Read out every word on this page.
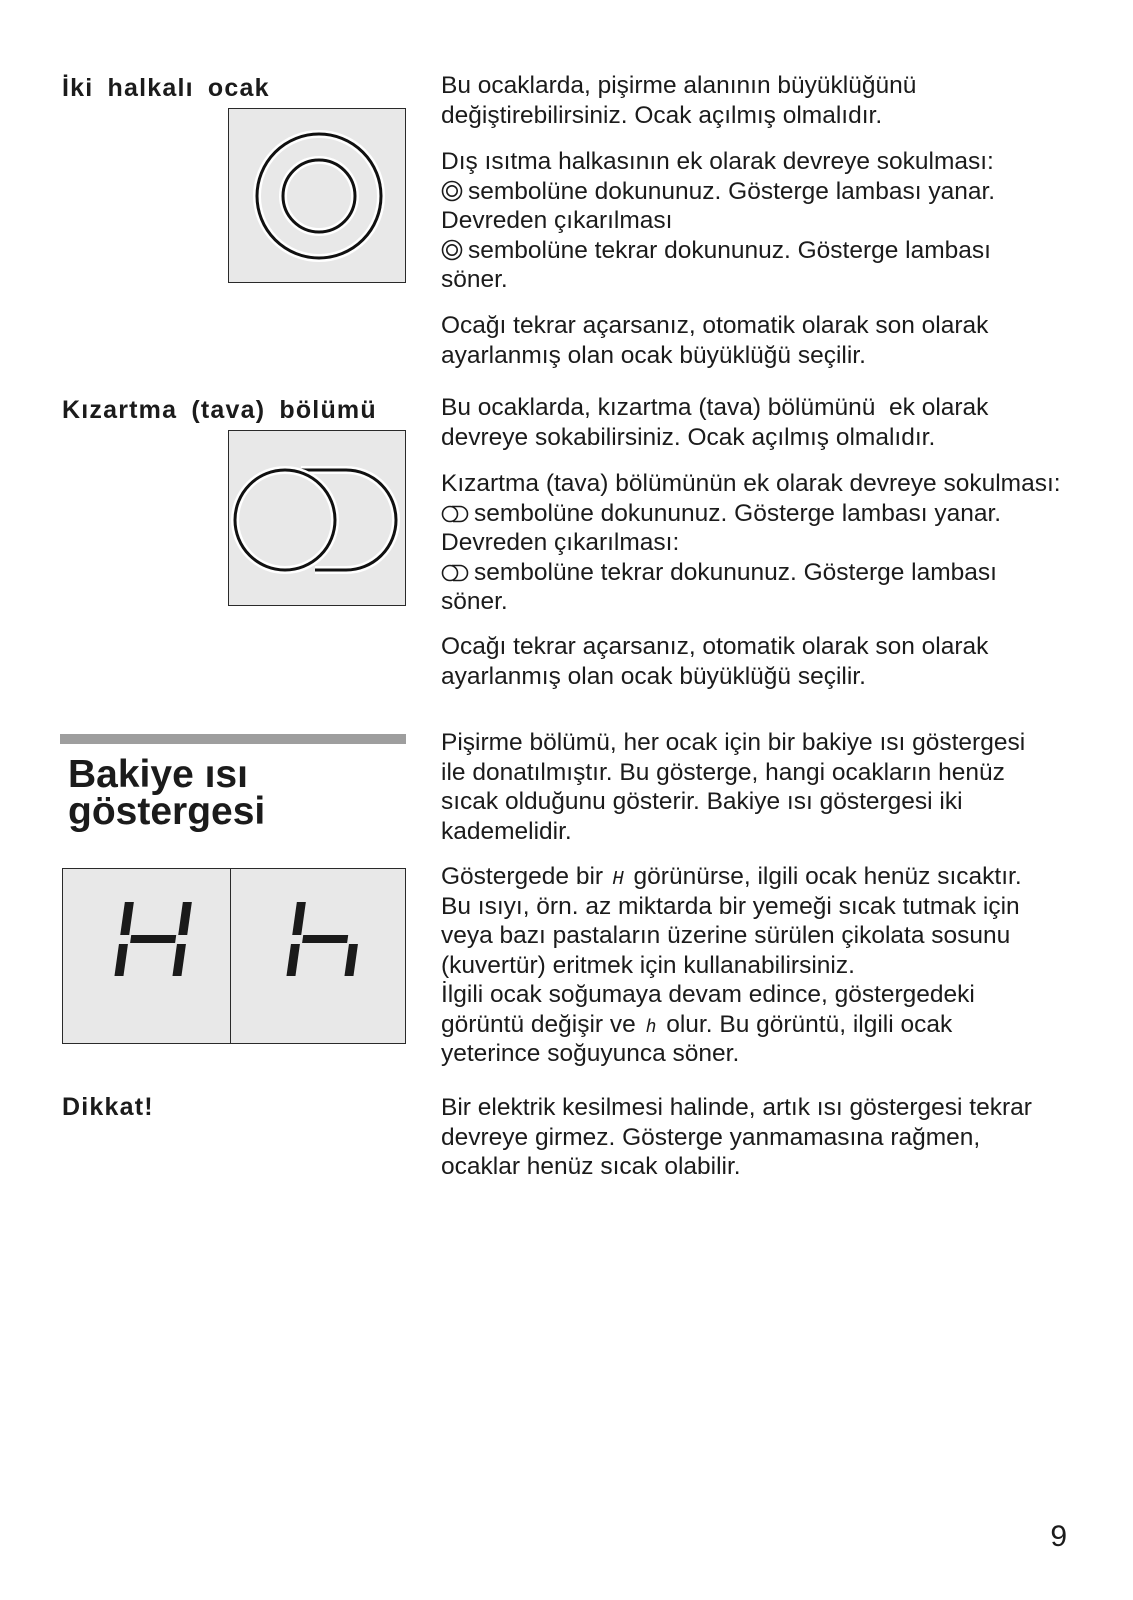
İki halkalı ocak	Bu ocaklarda, pişirme alanının büyüklüğünü
değiştirebilirsiniz. Ocak açılmış olmalıdır.
Dış ısıtma halkasının ek olarak devreye sokulması:
sembolüne dokununuz. Gösterge lambası yanar.
Devreden çıkarılması
sembolüne tekrar dokununuz. Gösterge lambası
söner.
Ocağı tekrar açarsanız, otomatik olarak son olarak
ayarlanmış olan ocak büyüklüğü seçilir.
Kızartma (tava) bölümü	Bu ocaklarda, kızartma (tava) bölümünü  ek olarak
devreye sokabilirsiniz. Ocak açılmış olmalıdır.
Kızartma (tava) bölümünün ek olarak devreye sokulması:
sembolüne dokununuz. Gösterge lambası yanar.
Devreden çıkarılması:
sembolüne tekrar dokununuz. Gösterge lambası
söner.
Ocağı tekrar açarsanız, otomatik olarak son olarak
ayarlanmış olan ocak büyüklüğü seçilir.
Bakiye ısı
göstergesi
Pişirme bölümü, her ocak için bir bakiye ısı göstergesi
ile donatılmıştır. Bu gösterge, hangi ocakların henüz
sıcak olduğunu gösterir. Bakiye ısı göstergesi iki
kademelidir.
Göstergede bir H görünürse, ilgili ocak henüz sıcaktır.
Bu ısıyı, örn. az miktarda bir yemeği sıcak tutmak için
veya bazı pastaların üzerine sürülen çikolata sosunu
(kuvertür) eritmek için kullanabilirsiniz.
İlgili ocak soğumaya devam edince, göstergedeki
görüntü değişir ve h olur. Bu görüntü, ilgili ocak
yeterince soğuyunca söner.
Dikkat!	Bir elektrik kesilmesi halinde, artık ısı göstergesi tekrar
devreye girmez. Gösterge yanmamasına rağmen,
ocaklar henüz sıcak olabilir.
9
